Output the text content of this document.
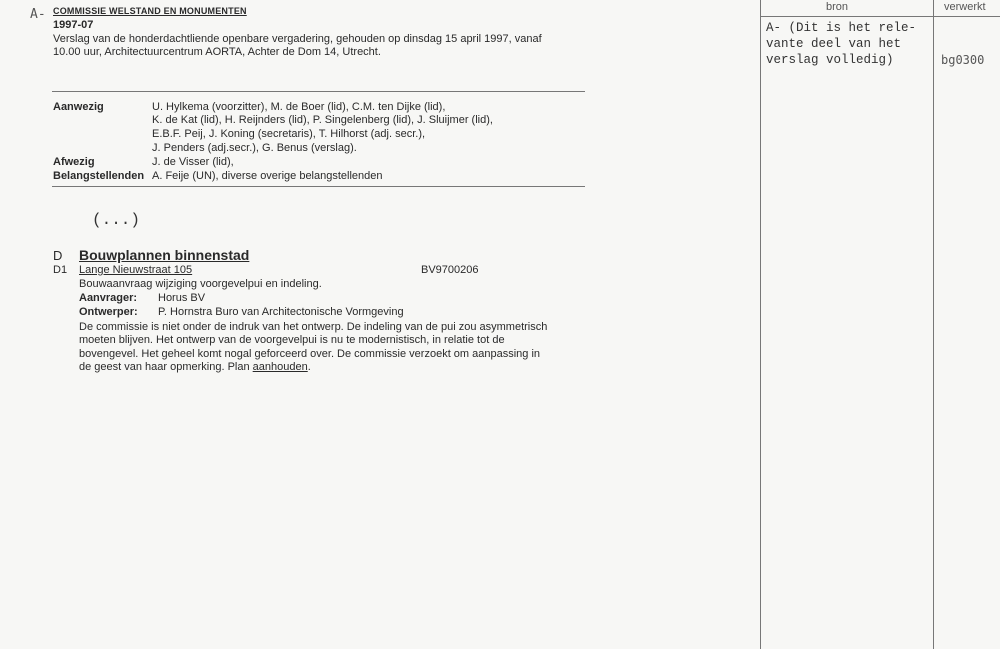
A- COMMISSIE WELSTAND EN MONUMENTEN
1997-07
Verslag van de honderdachtliende openbare vergadering, gehouden op dinsdag 15 april 1997, vanaf
10.00 uur, Architectuurcentrum AORTA, Achter de Dom 14, Utrecht.
Aanwezig	U. Hylkema (voorzitter), M. de Boer (lid), C.M. ten Dijke (lid),
K. de Kat (lid), H. Reijnders (lid), P. Singelenberg (lid), J. Sluijmer (lid),
E.B.F. Peij, J. Koning (secretaris), T. Hilhorst (adj. secr.),
J. Penders (adj.secr.), G. Benus (verslag).
Afwezig	J. de Visser (lid),
Belangstellenden A. Feije (UN), diverse overige belangstellenden
(...)
D Bouwplannen binnenstad
D1 Lange Nieuwstraat 105	BV9700206
Bouwaanvraag wijziging voorgevelpui en indeling.
Aanvrager: Horus BV
Ontwerper: P. Hornstra Buro van Architectonische Vormgeving
De commissie is niet onder de indruk van het ontwerp. De indeling van de pui zou asymmetrisch
moeten blijven. Het ontwerp van de voorgevelpui is nu te modernistisch, in relatie tot de
bovengevel. Het geheel komt nogal geforceerd over. De commissie verzoekt om aanpassing in
de geest van haar opmerking. Plan aanhouden.
bron	verwerkt
A- (Dit is het rele-
vante deel van het
verslag volledig)	bg0300
